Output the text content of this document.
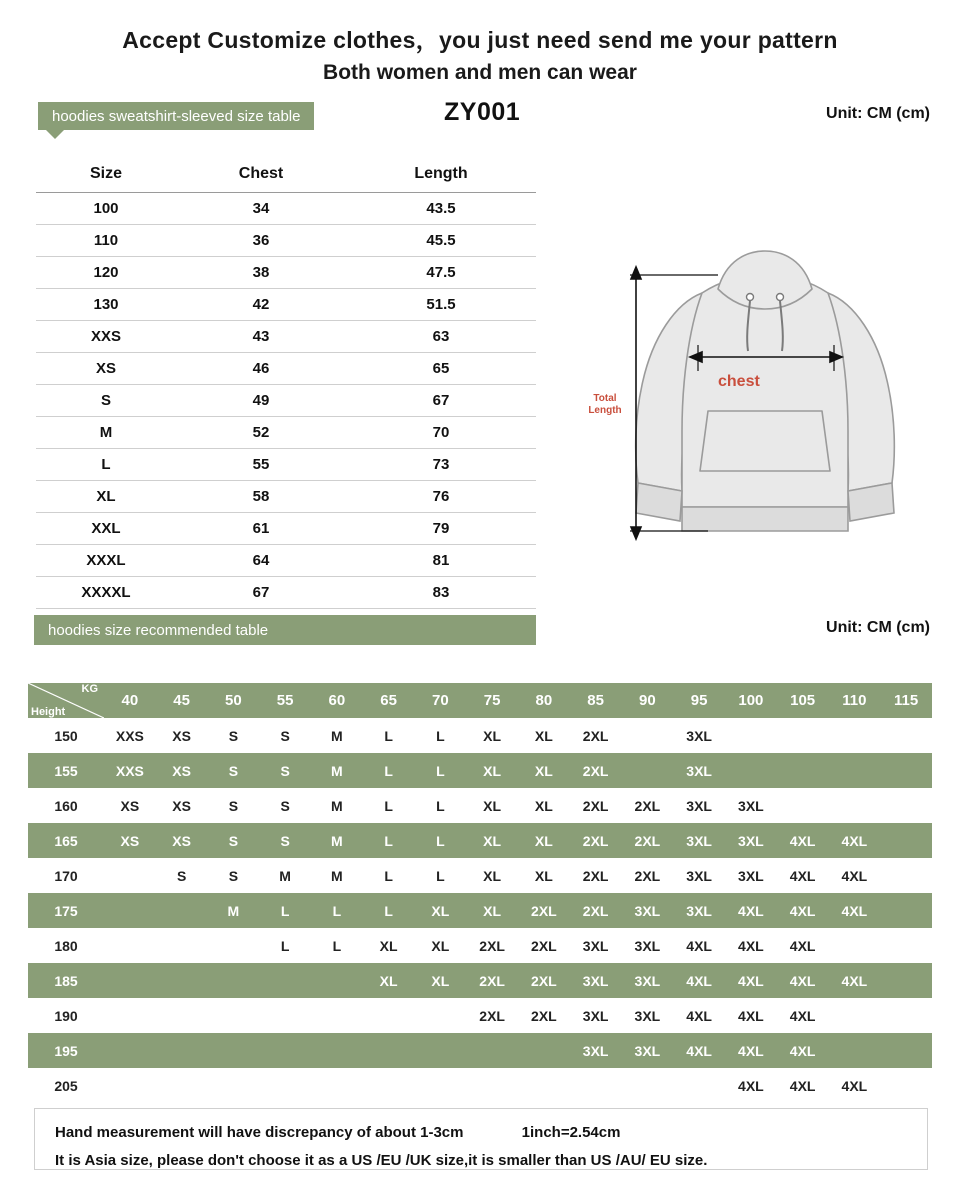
Accept Customize clothes，you just need send me your pattern
Both women and men can wear
hoodies sweatshirt-sleeved size table	ZY001	Unit: CM (cm)
Size	Chest	Length
100	34	43.5
110	36	45.5
120	38	47.5
130	42	51.5
XXS	43	63
XS	46	65
S	49	67
M	52	70
L	55	73
XL	58	76
XXL	61	79
XXXL	64	81
XXXXL	67	83
chest
Total
Length
hoodies size recommended table	Unit: CM (cm)
KG
Height	40	45	50	55	60	65	70	75	80	85	90	95	100	105	110	115
150	XXS	XS	S	S	M	L	L	XL	XL	2XL		3XL				
155	XXS	XS	S	S	M	L	L	XL	XL	2XL		3XL				
160	XS	XS	S	S	M	L	L	XL	XL	2XL	2XL	3XL	3XL			
165	XS	XS	S	S	M	L	L	XL	XL	2XL	2XL	3XL	3XL	4XL	4XL	
170		S	S	M	M	L	L	XL	XL	2XL	2XL	3XL	3XL	4XL	4XL	
175			M	L	L	L	XL	XL	2XL	2XL	3XL	3XL	4XL	4XL	4XL	
180				L	L	XL	XL	2XL	2XL	3XL	3XL	4XL	4XL	4XL		
185						XL	XL	2XL	2XL	3XL	3XL	4XL	4XL	4XL	4XL	
190								2XL	2XL	3XL	3XL	4XL	4XL	4XL		
195										3XL	3XL	4XL	4XL	4XL		
205													4XL	4XL	4XL	

Hand measurement will have discrepancy of about 1-3cm	1inch=2.54cm

It is Asia size, please don't choose it as a US /EU /UK size,it is smaller than US /AU/ EU size.
